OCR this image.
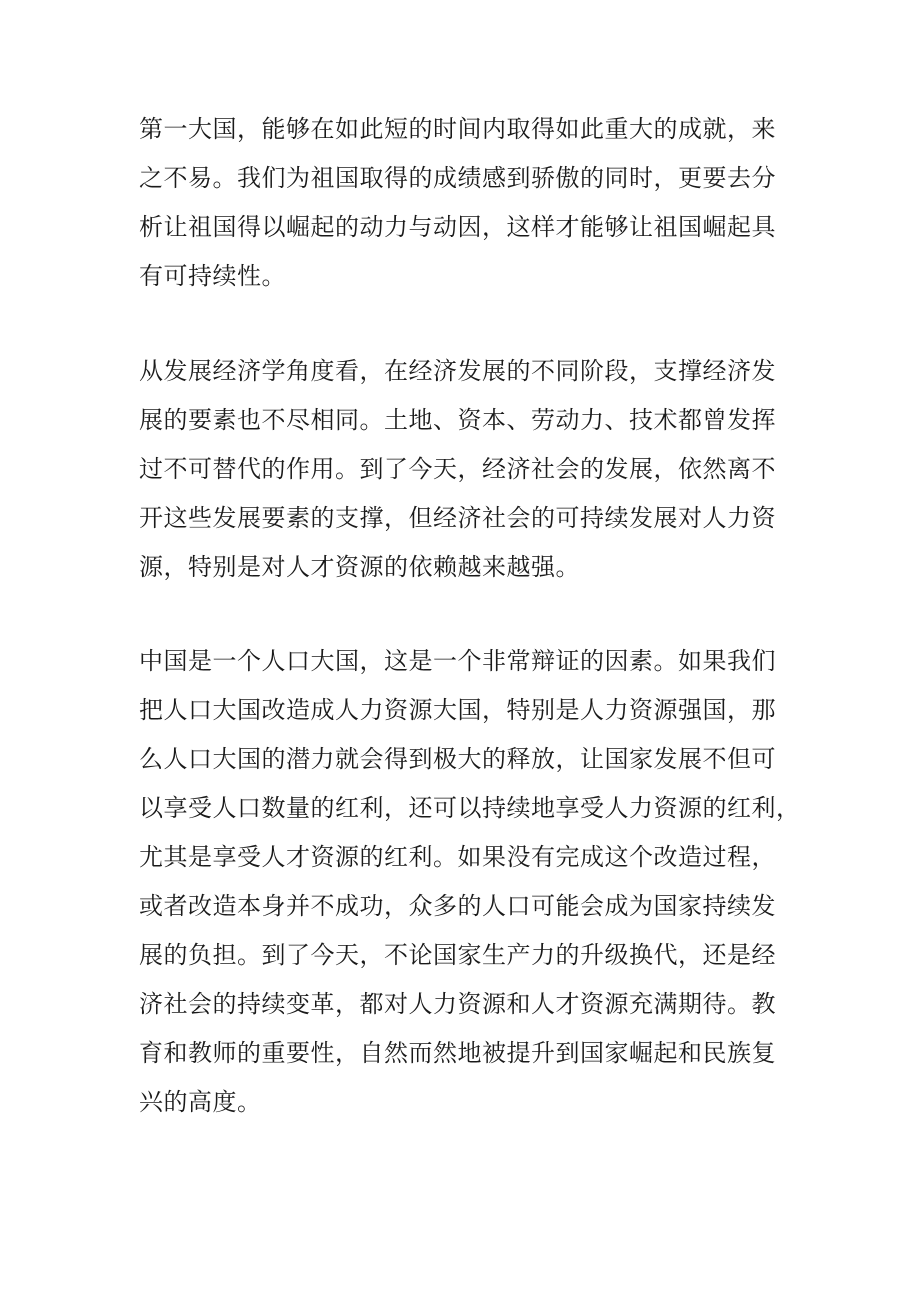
第一大国，能够在如此短的时间内取得如此重大的成就，来
之不易。我们为祖国取得的成绩感到骄傲的同时，更要去分
析让祖国得以崛起的动力与动因，这样才能够让祖国崛起具
有可持续性。
从发展经济学角度看，在经济发展的不同阶段，支撑经济发
展的要素也不尽相同。土地、资本、劳动力、技术都曾发挥
过不可替代的作用。到了今天，经济社会的发展，依然离不
开这些发展要素的支撑，但经济社会的可持续发展对人力资
源，特别是对人才资源的依赖越来越强。
中国是一个人口大国，这是一个非常辩证的因素。如果我们
把人口大国改造成人力资源大国，特别是人力资源强国，那
么人口大国的潜力就会得到极大的释放，让国家发展不但可
以享受人口数量的红利，还可以持续地享受人力资源的红利，
尤其是享受人才资源的红利。如果没有完成这个改造过程，
或者改造本身并不成功，众多的人口可能会成为国家持续发
展的负担。到了今天，不论国家生产力的升级换代，还是经
济社会的持续变革，都对人力资源和人才资源充满期待。教
育和教师的重要性，自然而然地被提升到国家崛起和民族复
兴的高度。
